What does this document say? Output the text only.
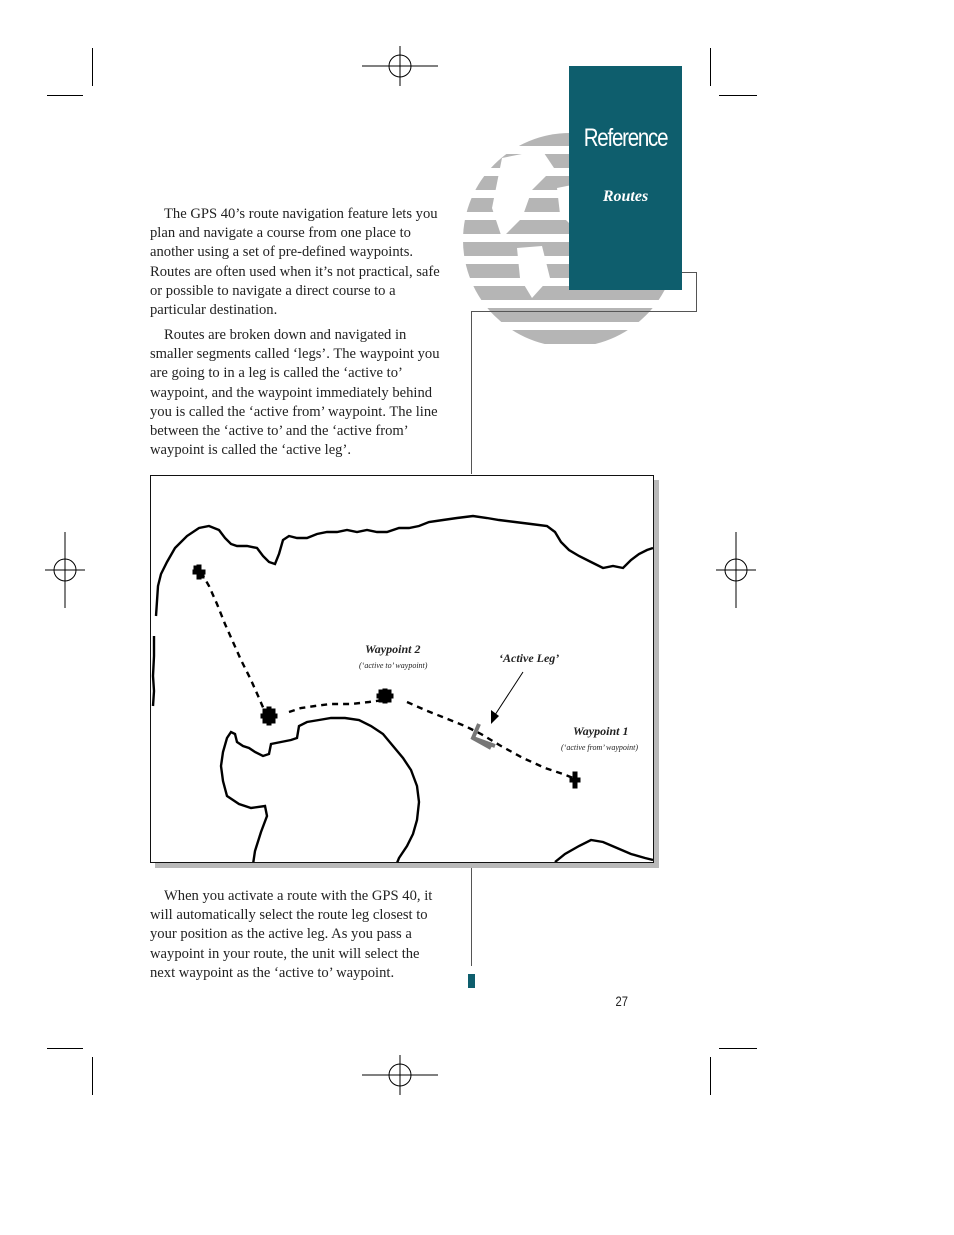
Reference
Routes

The GPS 40’s route navigation feature lets you plan and navigate a course from one place to another using a set of pre-defined waypoints. Routes are often used when it’s not practical, safe or possible to navigate a direct course to a particular destination.

Routes are broken down and navigated in smaller segments called ‘legs’. The waypoint you are going to in a leg is called the ‘active to’ waypoint, and the waypoint immediately behind you is called the ‘active from’ waypoint. The line between the ‘active to’ and the ‘active from’ waypoint is called the ‘active leg’.

Waypoint 2
(‘active to’ waypoint)
‘Active Leg’
Waypoint 1
(‘active from’ waypoint)

When you activate a route with the GPS 40, it will automatically select the route leg closest to your position as the active leg. As you pass a waypoint in your route, the unit will select the next waypoint as the ‘active to’ waypoint.

27
